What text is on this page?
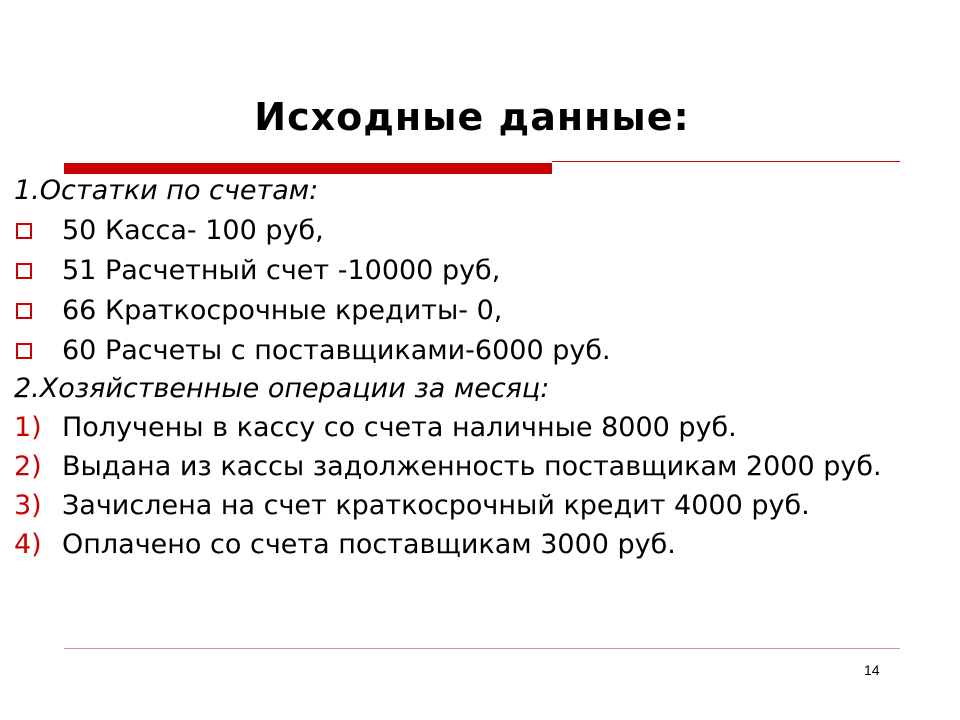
Исходные данные:
1.Остатки по счетам:
50 Касса- 100 руб,
51 Расчетный счет -10000 руб,
66 Краткосрочные кредиты- 0,
60 Расчеты с поставщиками-6000 руб.
2.Хозяйственные операции за месяц:
1) Получены в кассу со счета наличные 8000 руб.
2) Выдана из кассы задолженность поставщикам 2000 руб.
3) Зачислена на счет краткосрочный кредит 4000 руб.
4) Оплачено со счета поставщикам 3000 руб.
14
